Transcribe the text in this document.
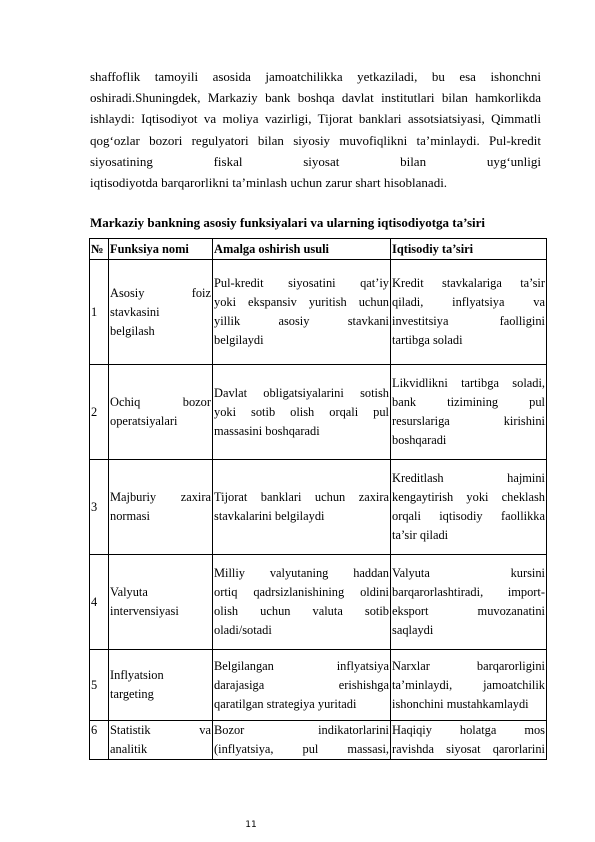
shaffoflik tamoyili asosida jamoatchilikka yetkaziladi, bu esa ishonchni oshiradi.Shuningdek, Markaziy bank boshqa davlat institutlari bilan hamkorlikda ishlaydi: Iqtisodiyot va moliya vazirligi, Tijorat banklari assotsiatsiyasi, Qimmatli qog‘ozlar bozori regulyatori bilan siyosiy muvofiqlikni ta’minlaydi. Pul-kredit siyosatining fiskal siyosat bilan uyg‘unligi
iqtisodiyotda barqarorlikni ta’minlash uchun zarur shart hisoblanadi.
Markaziy bankning asosiy funksiyalari va ularning iqtisodiyotga ta’siri
№	Funksiya nomi	Amalga oshirish usuli	Iqtisodiy ta’siri
1	Asosiy foiz
stavkasini
belgilash	Pul-kredit siyosatini qat’iy
yoki ekspansiv yuritish uchun
yillik asosiy stavkani
belgilaydi	Kredit stavkalariga ta’sir
qiladi, inflyatsiya va
investitsiya faolligini
tartibga soladi

2	Ochiq bozor
operatsiyalari	Davlat obligatsiyalarini sotish
yoki sotib olish orqali pul
massasini boshqaradi	Likvidlikni tartibga soladi,
bank tizimining pul
resurslariga kirishini
boshqaradi

3	Majburiy zaxira
normasi	Tijorat banklari uchun zaxira
stavkalarini belgilaydi	Kreditlash hajmini
kengaytirish yoki cheklash
orqali iqtisodiy faollikka
ta’sir qiladi

4	Valyuta
intervensiyasi	Milliy valyutaning haddan
ortiq qadrsizlanishining oldini
olish uchun valuta sotib
oladi/sotadi	Valyuta kursini
barqarorlashtiradi, import-
eksport muvozanatini
saqlaydi

5	Inflyatsion
targeting	Belgilangan inflyatsiya
darajasiga erishishga
qaratilgan strategiya yuritadi	Narxlar barqarorligini
ta’minlaydi, jamoatchilik
ishonchini mustahkamlaydi

6	Statistik va
analitik	Bozor indikatorlarini
(inflyatsiya, pul massasi,	Haqiqiy holatga mos
ravishda siyosat qarorlarini
11
